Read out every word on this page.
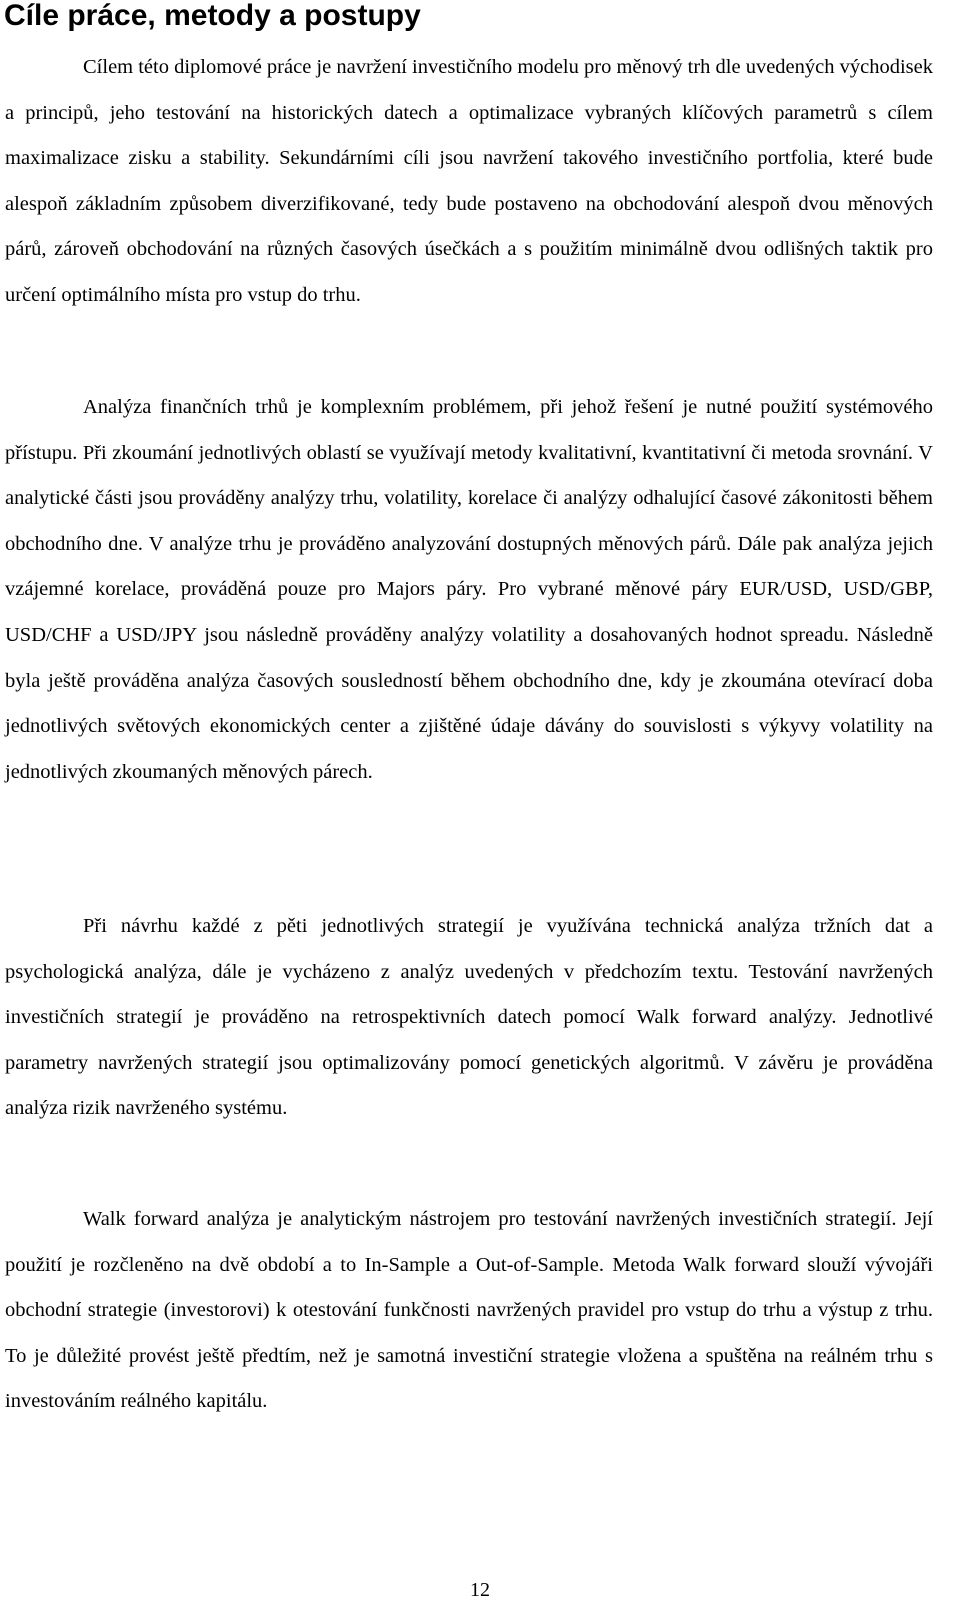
Cíle práce, metody a postupy

Cílem této diplomové práce je navržení investičního modelu pro měnový trh dle uvedených východisek a principů, jeho testování na historických datech a optimalizace vybraných klíčových parametrů s cílem maximalizace zisku a stability. Sekundárními cíli jsou navržení takového investičního portfolia, které bude alespoň základním způsobem diverzifikované, tedy bude postaveno na obchodování alespoň dvou měnových párů, zároveň obchodování na různých časových úsečkách a s použitím minimálně dvou odlišných taktik pro určení optimálního místa pro vstup do trhu.

Analýza finančních trhů je komplexním problémem, při jehož řešení je nutné použití systémového přístupu. Při zkoumání jednotlivých oblastí se využívají metody kvalitativní, kvantitativní či metoda srovnání. V analytické části jsou prováděny analýzy trhu, volatility, korelace či analýzy odhalující časové zákonitosti během obchodního dne. V analýze trhu je prováděno analyzování dostupných měnových párů. Dále pak analýza jejich vzájemné korelace, prováděná pouze pro Majors páry. Pro vybrané měnové páry EUR/USD, USD/GBP, USD/CHF a USD/JPY jsou následně prováděny analýzy volatility a dosahovaných hodnot spreadu. Následně byla ještě prováděna analýza časových sousledností během obchodního dne, kdy je zkoumána otevírací doba jednotlivých světových ekonomických center a zjištěné údaje dávány do souvislosti s výkyvy volatility na jednotlivých zkoumaných měnových párech.

Při návrhu každé z pěti jednotlivých strategií je využívána technická analýza tržních dat a psychologická analýza, dále je vycházeno z analýz uvedených v předchozím textu. Testování navržených investičních strategií je prováděno na retrospektivních datech pomocí Walk forward analýzy. Jednotlivé parametry navržených strategií jsou optimalizovány pomocí genetických algoritmů. V závěru je prováděna analýza rizik navrženého systému.

Walk forward analýza je analytickým nástrojem pro testování navržených investičních strategií. Její použití je rozčleněno na dvě období a to In-Sample a Out-of-Sample. Metoda Walk forward slouží vývojáři obchodní strategie (investorovi) k otestování funkčnosti navržených pravidel pro vstup do trhu a výstup z trhu. To je důležité provést ještě předtím, než je samotná investiční strategie vložena a spuštěna na reálném trhu s investováním reálného kapitálu.

12
